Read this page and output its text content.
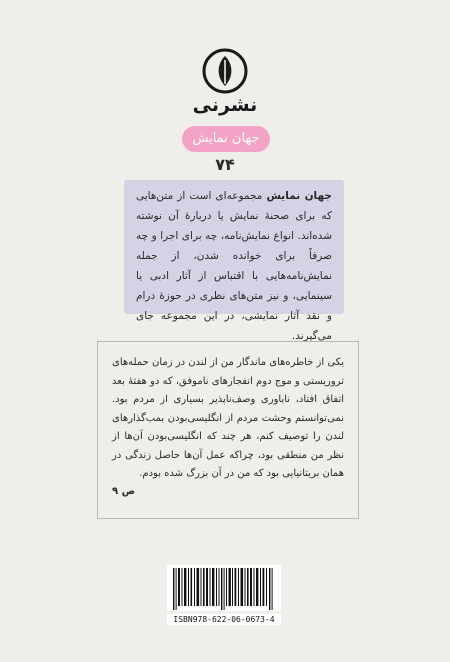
نشرنی
جهان نمایش
۷۴
جهان نمایش مجموعه‌ای است از متن‌هایی که برای صحنهٔ نمایش یا دربارهٔ آن نوشته شده‌اند. انواع نمایش‌نامه، چه برای اجرا و چه صرفاً برای خوانده شدن، از جمله نمایش‌نامه‌هایی با اقتباس از آثار ادبی یا سینمایی، و نیز متن‌های نظری در حوزهٔ درام و نقد آثار نمایشی، در این مجموعه جای می‌گیرند.
یکی از خاطره‌های ماندگار من از لندن در زمان حمله‌های تروریستی و موج دوم انفجارهای ناموفق، که دو هفتهٔ بعد اتفاق افتاد، ناباوری وصف‌ناپذیر بسیاری از مردم بود. نمی‌توانستم وحشت مردم از انگلیسی‌بودن بمب‌گذارهای لندن را توصیف کنم، هر چند که انگلیسی‌بودن آن‌ها از نظر من منطقی بود، چراکه عمل آن‌ها حاصل زندگی در همان بریتانیایی بود که من در آن بزرگ شده بودم.
ص ۹
ISBN978-622-06-0673-4
